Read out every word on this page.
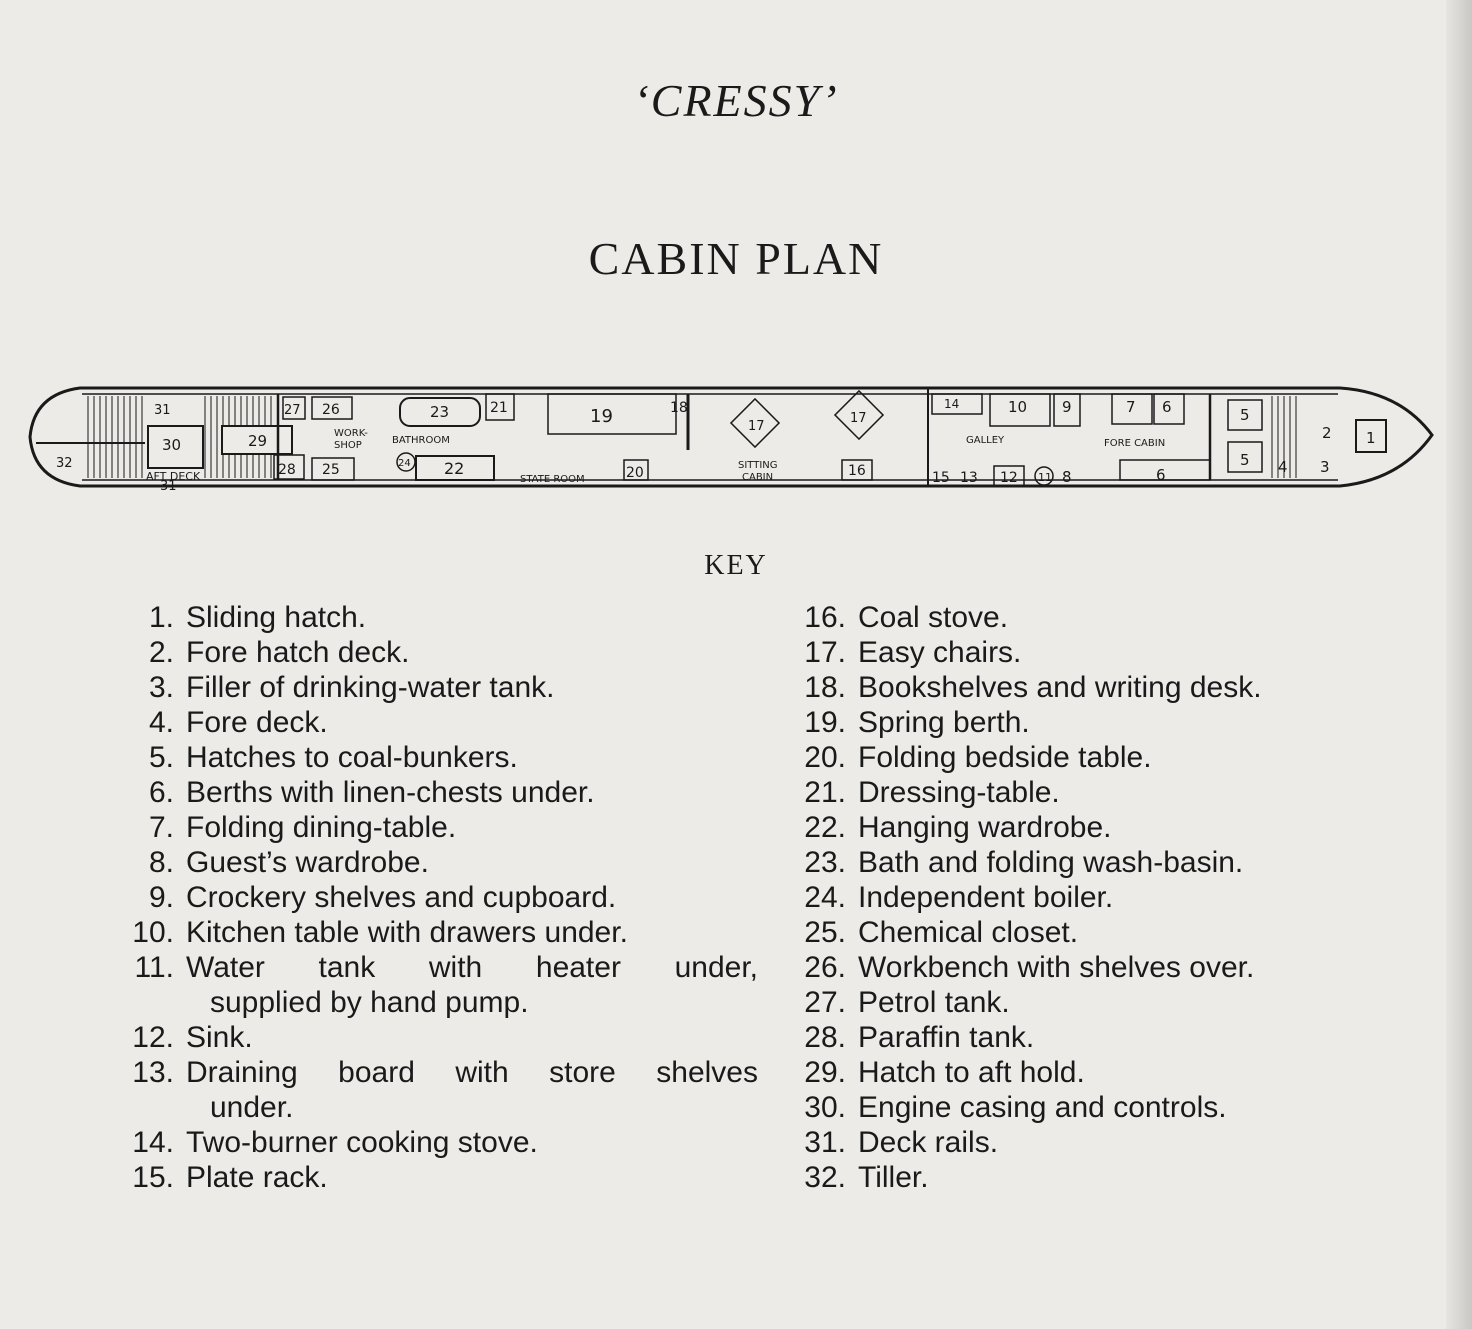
‘CRESSY’
CABIN PLAN
AFT DECK
WORK-
SHOP	BATHROOM
STATE ROOM
SITTING
CABIN
GALLEY	FORE CABIN	1
2
3
4
5
5
6
6
7
8
9
10
11
12
13
14
15
16
17
17
18
19
20
21
22
23
24
25
26
27
28
29
30
31
31
32
KEY
1. Sliding hatch.
2. Fore hatch deck.
3. Filler of drinking-water tank.
4. Fore deck.
5. Hatches to coal-bunkers.
6. Berths with linen-chests under.
7. Folding dining-table.
8. Guest’s wardrobe.
9. Crockery shelves and cupboard.
10. Kitchen table with drawers under.
11. Water tank with heater under,
supplied by hand pump.
12. Sink.
13. Draining board with store shelves
under.
14. Two-burner cooking stove.
15. Plate rack.
16. Coal stove.
17. Easy chairs.
18. Bookshelves and writing desk.
19. Spring berth.
20. Folding bedside table.
21. Dressing-table.
22. Hanging wardrobe.
23. Bath and folding wash-basin.
24. Independent boiler.
25. Chemical closet.
26. Workbench with shelves over.
27. Petrol tank.
28. Paraffin tank.
29. Hatch to aft hold.
30. Engine casing and controls.
31. Deck rails.
32. Tiller.
